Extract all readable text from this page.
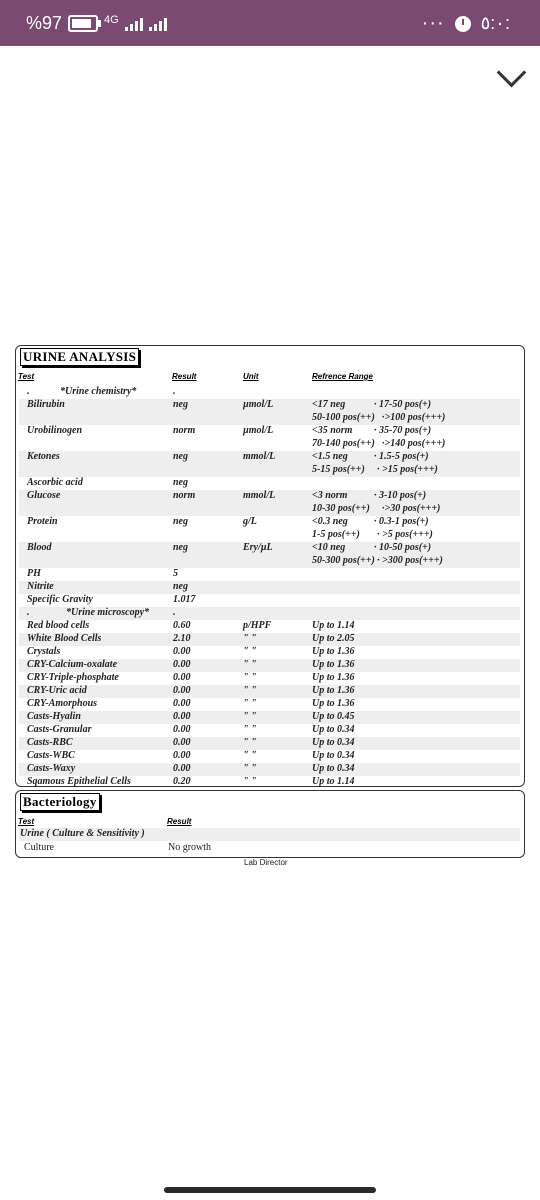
%97	4G	··· ٥:٠:
URINE ANALYSIS
Test	Result	Unit	Refrence Range
.	*Urine chemistry*	.
Bilirubin	neg	µmol/L	<17 neg	· 17-50 pos(+)
50-100 pos(++) ·>100 pos(+++)
Urobilinogen	norm	µmol/L	<35 norm · 35-70 pos(+)
70-140 pos(++) ·>140 pos(+++)
Ketones	neg	mmol/L	<1.5 neg	· 1.5-5 pos(+)
5-15 pos(++) · >15 pos(+++)
Ascorbic acid	neg
Glucose	norm	mmol/L	<3 norm	· 3-10 pos(+)
10-30 pos(++) ·>30 pos(+++)
Protein	neg	g/L	<0.3 neg	· 0.3-1 pos(+)
1-5 pos(++) · >5 pos(+++)
Blood	neg	Ery/µL	<10 neg	· 10-50 pos(+)
50-300 pos(++) · >300 pos(+++)
PH	5
Nitrite	neg
Specific Gravity	1.017
.	*Urine microscopy* .
Red blood cells	0.60	p/HPF	Up to 1.14
White Blood Cells	2.10	" "	Up to 2.05
Crystals	0.00	" "	Up to 1.36
CRY-Calcium-oxalate	0.00	" "	Up to 1.36
CRY-Triple-phosphate	0.00	" "	Up to 1.36
CRY-Uric acid	0.00	" "	Up to 1.36
CRY-Amorphous	0.00	" "	Up to 1.36
Casts-Hyalin	0.00	" "	Up to 0.45
Casts-Granular	0.00	" "	Up to 0.34
Casts-RBC	0.00	" "	Up to 0.34
Casts-WBC	0.00	" "	Up to 0.34
Casts-Waxy	0.00	" "	Up to 0.34
Sqamous Epithelial Cells	0.20	" "	Up to 1.14
Bacteriology
Test	Result
Urine ( Culture & Sensitivity )
Culture	No growth
Lab Director
